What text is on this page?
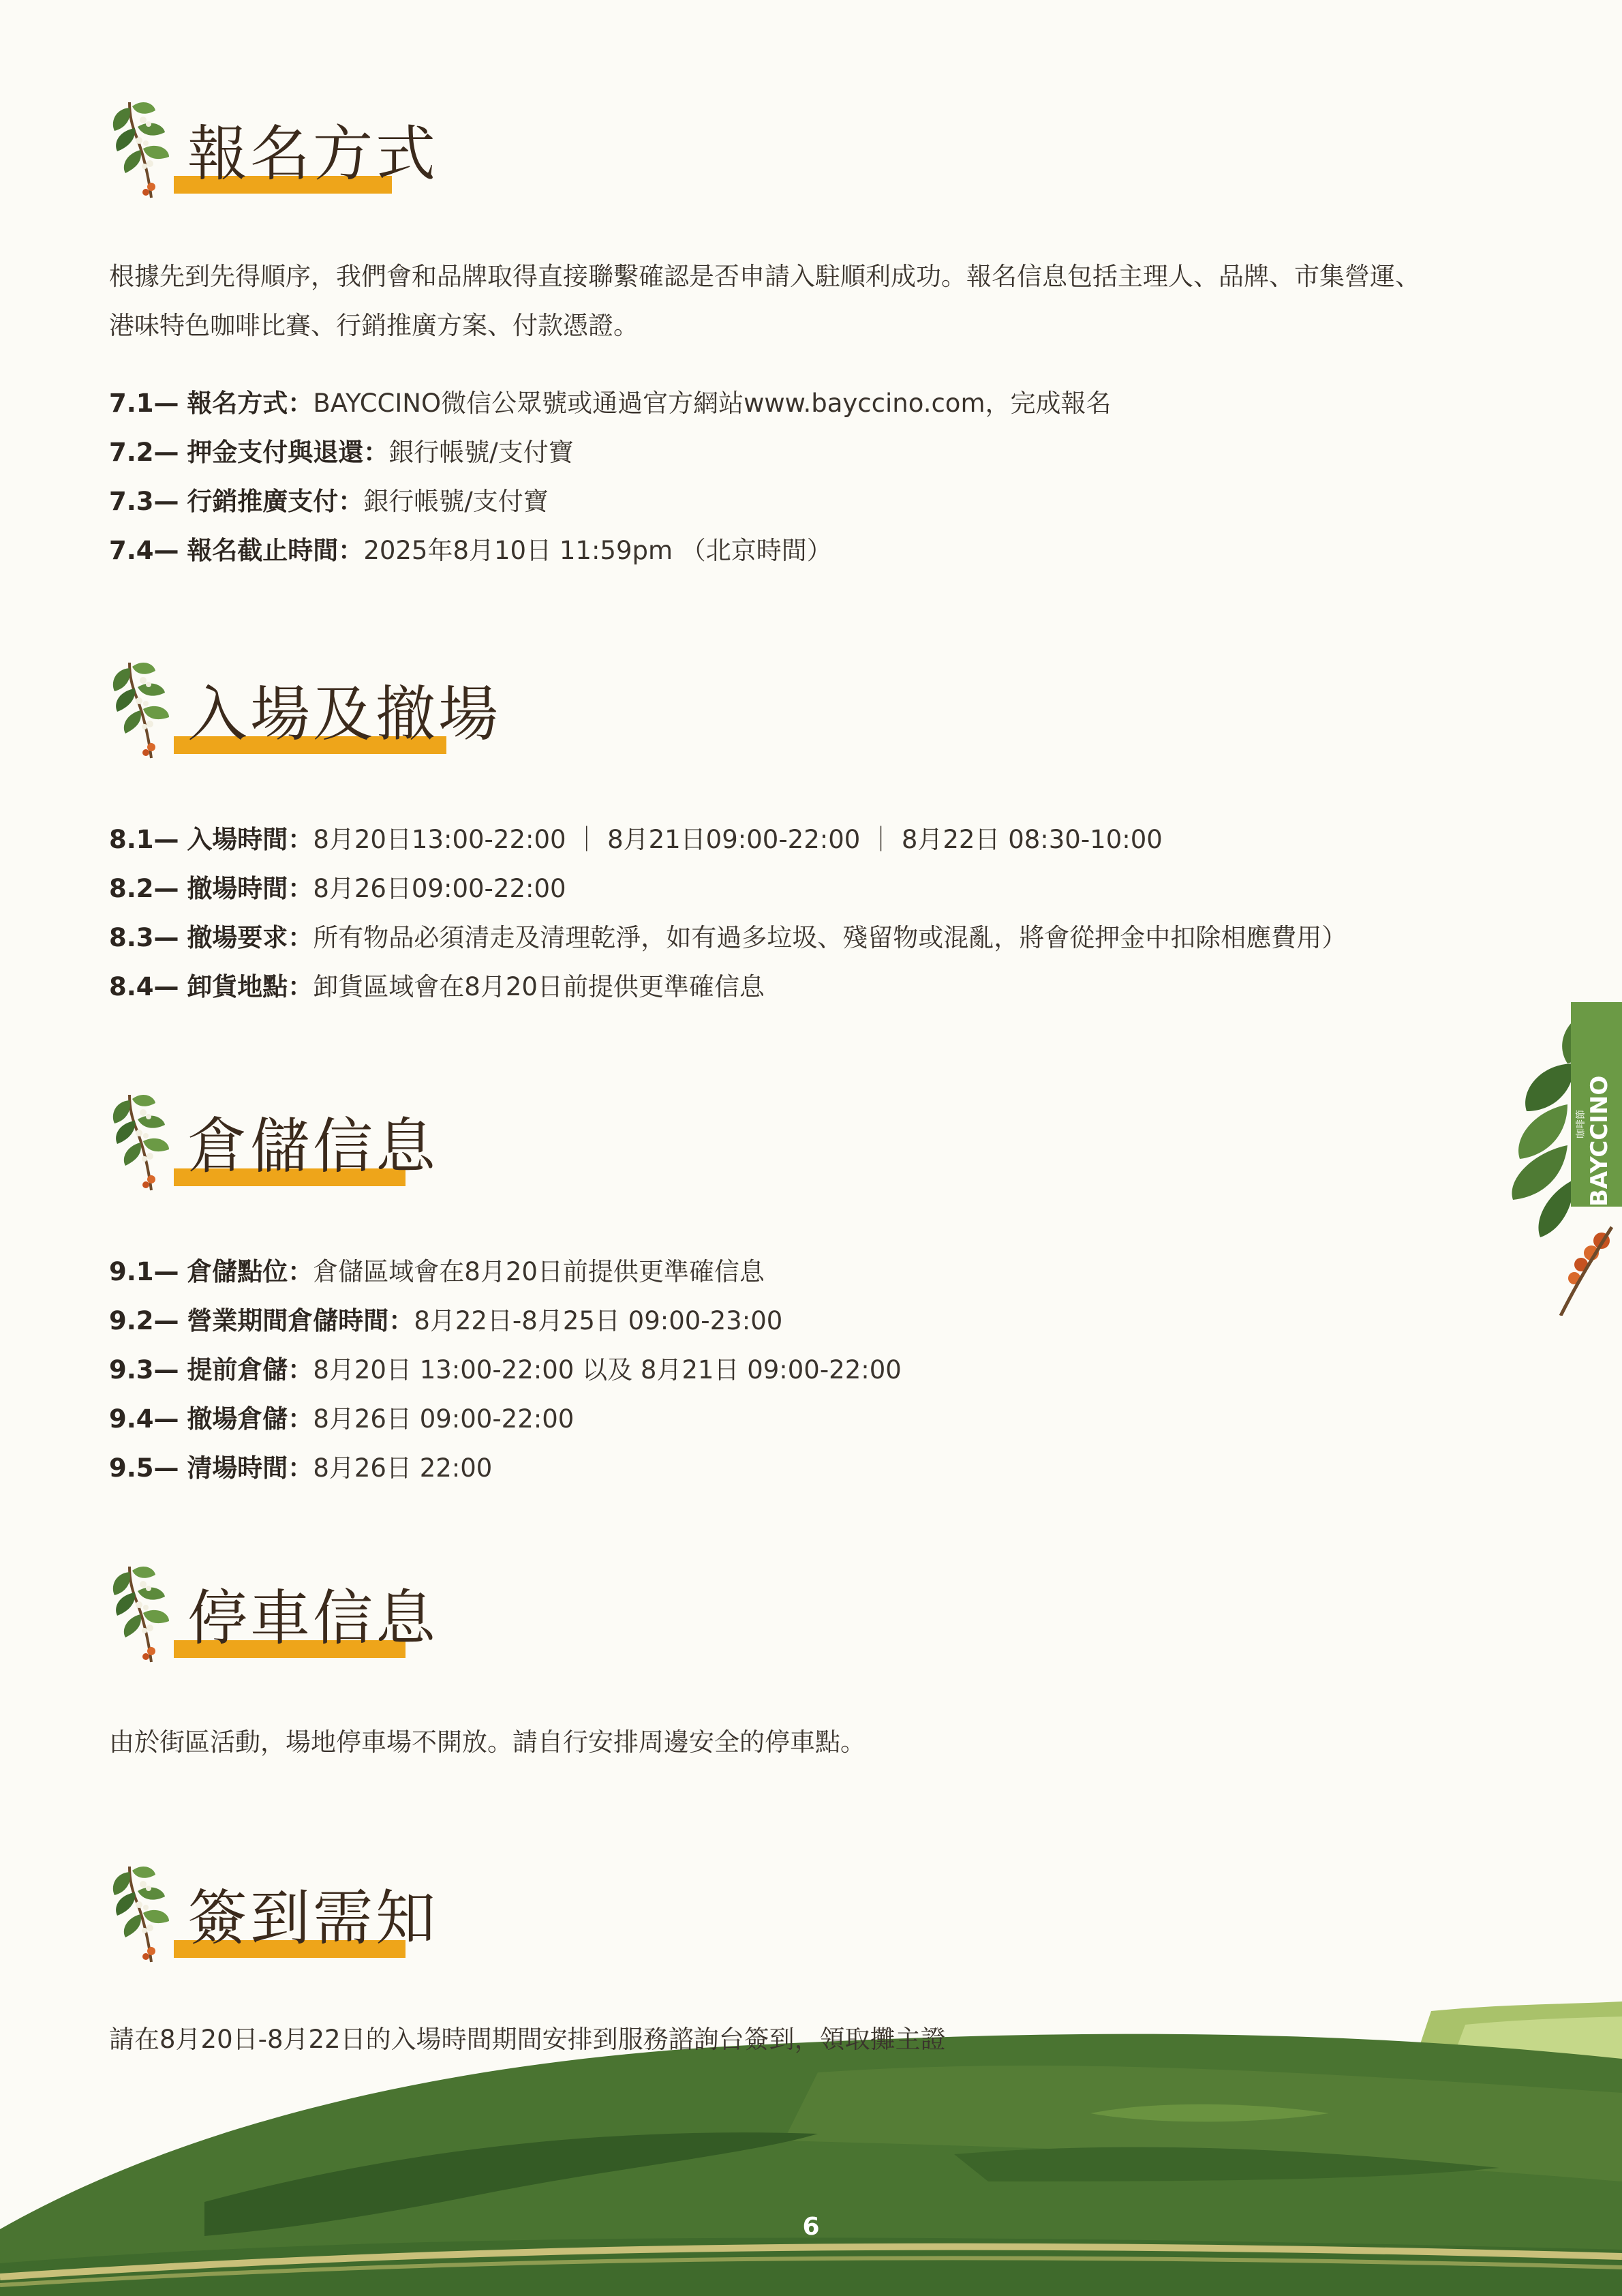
報名方式

根據先到先得順序，我們會和品牌取得直接聯繫確認是否申請入駐順利成功。報名信息包括主理人、品牌、市集營運、
港味特色咖啡比賽、行銷推廣方案、付款憑證。

7.1— 報名方式：BAYCCINO微信公眾號或通過官方網站www.bayccino.com，完成報名
7.2— 押金支付與退還：銀行帳號/支付寶
7.3— 行銷推廣支付：銀行帳號/支付寶
7.4— 報名截止時間：2025年8月10日 11:59pm （北京時間）
入場及撤場
8.1— 入場時間：8月20日13:00-22:00 ｜ 8月21日09:00-22:00 ｜ 8月22日 08:30-10:00
8.2— 撤場時間：8月26日09:00-22:00
8.3— 撤場要求：所有物品必須清走及清理乾淨，如有過多垃圾、殘留物或混亂，將會從押金中扣除相應費用）
8.4— 卸貨地點：卸貨區域會在8月20日前提供更準確信息
倉儲信息
9.1— 倉儲點位：倉儲區域會在8月20日前提供更準確信息
9.2— 營業期間倉儲時間：8月22日-8月25日 09:00-23:00
9.3— 提前倉儲：8月20日 13:00-22:00 以及 8月21日 09:00-22:00
9.4— 撤場倉儲：8月26日 09:00-22:00
9.5— 清場時間：8月26日 22:00
停車信息

由於街區活動，場地停車場不開放。請自行安排周邊安全的停車點。

簽到需知

請在8月20日-8月22日的入場時間期間安排到服務諮詢台簽到，領取攤主證

BAYCCINO
咖啡節
6
